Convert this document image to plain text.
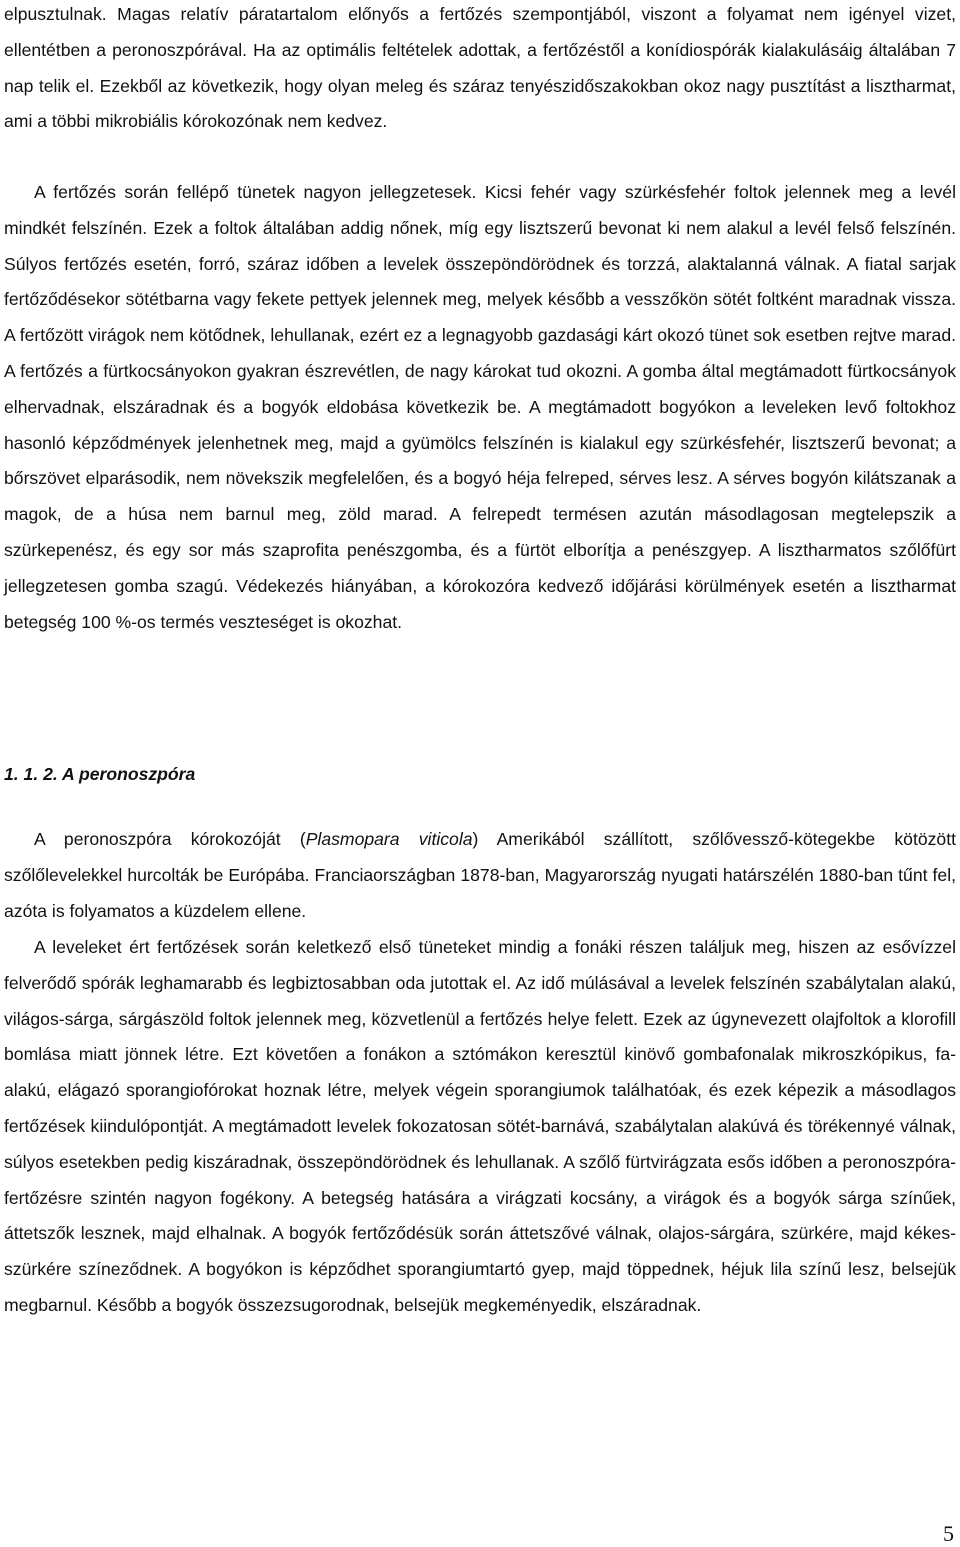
elpusztulnak. Magas relatív páratartalom előnyős a fertőzés szempontjából, viszont a folyamat nem igényel vizet, ellentétben a peronoszpórával. Ha az optimális feltételek adottak, a fertőzéstől a konídiospórák kialakulásáig általában 7 nap telik el. Ezekből az következik, hogy olyan meleg és száraz tenyészidőszakokban okoz nagy pusztítást a lisztharmat, ami a többi mikrobiális kórokozónak nem kedvez.

A fertőzés során fellépő tünetek nagyon jellegzetesek. Kicsi fehér vagy szürkésfehér foltok jelennek meg a levél mindkét felszínén. Ezek a foltok általában addig nőnek, míg egy lisztszerű bevonat ki nem alakul a levél felső felszínén. Súlyos fertőzés esetén, forró, száraz időben a levelek összepöndörödnek és torzzá, alaktalanná válnak. A fiatal sarjak fertőződésekor sötétbarna vagy fekete pettyek jelennek meg, melyek később a vesszőkön sötét foltként maradnak vissza. A fertőzött virágok nem kötődnek, lehullanak, ezért ez a legnagyobb gazdasági kárt okozó tünet sok esetben rejtve marad. A fertőzés a fürtkocsányokon gyakran észrevétlen, de nagy károkat tud okozni. A gomba által megtámadott fürtkocsányok elhervadnak, elszáradnak és a bogyók eldobása következik be. A megtámadott bogyókon a leveleken levő foltokhoz hasonló képződmények jelenhetnek meg, majd a gyümölcs felszínén is kialakul egy szürkésfehér, lisztszerű bevonat; a bőrszövet elparásodik, nem növekszik megfelelően, és a bogyó héja felreped, sérves lesz. A sérves bogyón kilátszanak a magok, de a húsa nem barnul meg, zöld marad. A felrepedt termésen azután másodlagosan megtelepszik a szürkepenész, és egy sor más szaprofita penészgomba, és a fürtöt elborítja a penészgyep. A lisztharmatos szőlőfürt jellegzetesen gomba szagú. Védekezés hiányában, a kórokozóra kedvező időjárási körülmények esetén a lisztharmat betegség 100 %-os termés veszteséget is okozhat.

1. 1. 2. A peronoszpóra

A peronoszpóra kórokozóját (Plasmopara viticola) Amerikából szállított, szőlővessző-kötegekbe kötözött szőlőlevelekkel hurcolták be Európába. Franciaországban 1878-ban, Magyarország nyugati határszélén 1880-ban tűnt fel, azóta is folyamatos a küzdelem ellene.

A leveleket ért fertőzések során keletkező első tüneteket mindig a fonáki részen találjuk meg, hiszen az esővízzel felverődő spórák leghamarabb és legbiztosabban oda jutottak el. Az idő múlásával a levelek felszínén szabálytalan alakú, világos-sárga, sárgászöld foltok jelennek meg, közvetlenül a fertőzés helye felett. Ezek az úgynevezett olajfoltok a klorofill bomlása miatt jönnek létre. Ezt követően a fonákon a sztómákon keresztül kinövő gombafonalak mikroszkópikus, fa-alakú, elágazó sporangiofórokat hoznak létre, melyek végein sporangiumok találhatóak, és ezek képezik a másodlagos fertőzések kiindulópontját. A megtámadott levelek fokozatosan sötét-barnává, szabálytalan alakúvá és törékennyé válnak, súlyos esetekben pedig kiszáradnak, összepöndörödnek és lehullanak. A szőlő fürtvirágzata esős időben a peronoszpóra-fertőzésre szintén nagyon fogékony. A betegség hatására a virágzati kocsány, a virágok és a bogyók sárga színűek, áttetszők lesznek, majd elhalnak. A bogyók fertőződésük során áttetszővé válnak, olajos-sárgára, szürkére, majd kékes-szürkére színeződnek. A bogyókon is képződhet sporangiumtartó gyep, majd töppednek, héjuk lila színű lesz, belsejük megbarnul. Később a bogyók összezsugorodnak, belsejük megkeményedik, elszáradnak.

5
